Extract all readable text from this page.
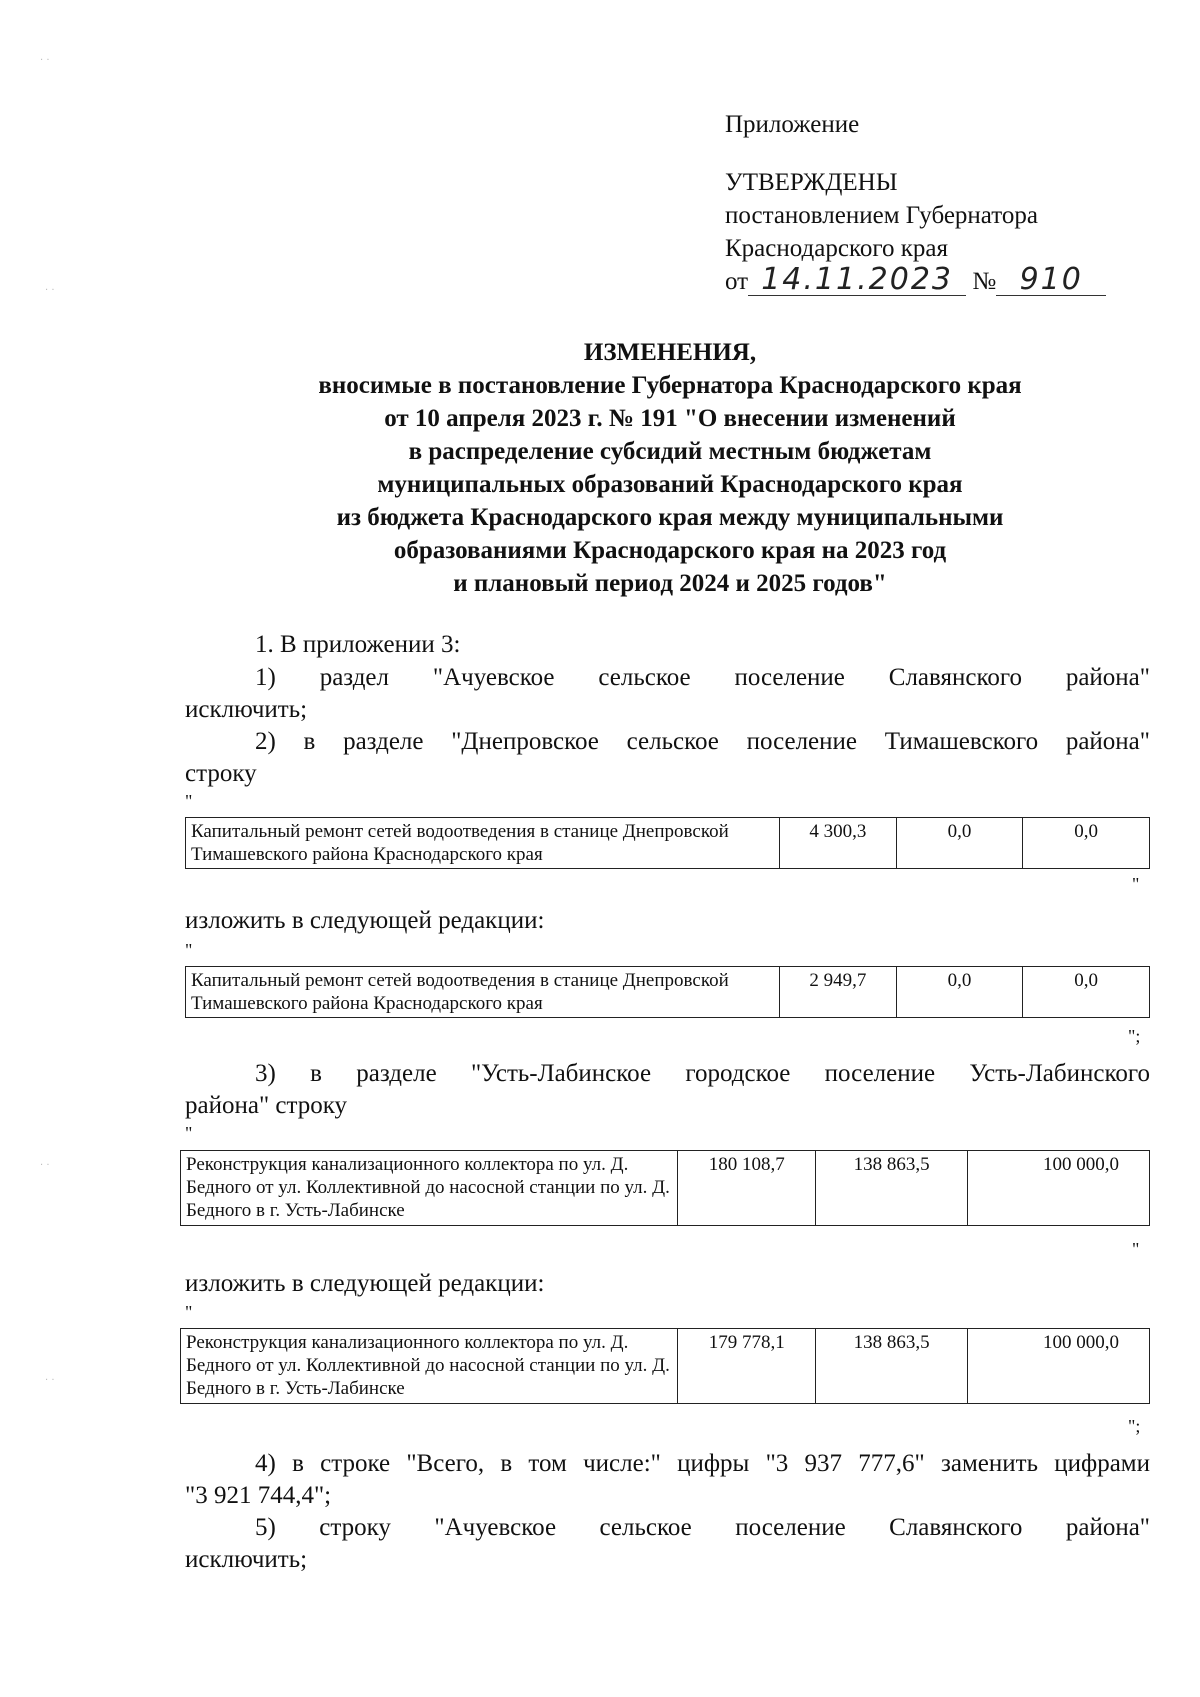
Приложение
УТВЕРЖДЕНЫ
постановлением Губернатора
Краснодарского края
от 14.11.2023 № 910
ИЗМЕНЕНИЯ,
вносимые в постановление Губернатора Краснодарского края
от 10 апреля 2023 г. № 191 "О внесении изменений
в распределение субсидий местным бюджетам
муниципальных образований Краснодарского края
из бюджета Краснодарского края между муниципальными
образованиями Краснодарского края на 2023 год
и плановый период 2024 и 2025 годов"
1. В приложении 3:
1) раздел "Ачуевское сельское поселение Славянского района"
исключить;
2) в разделе "Днепровское сельское поселение Тимашевского района"
строку
"
Капитальный ремонт сетей водоотведения в станице Днепровской Тимашевского района Краснодарского края	4 300,3	0,0	0,0
"
изложить в следующей редакции:
"
Капитальный ремонт сетей водоотведения в станице Днепровской Тимашевского района Краснодарского края	2 949,7	0,0	0,0
";
3) в разделе "Усть-Лабинское городское поселение Усть-Лабинского
района" строку
"
Реконструкция канализационного коллектора по ул. Д. Бедного от ул. Коллективной до насосной станции по ул. Д. Бедного в г. Усть-Лабинске	180 108,7	138 863,5	100 000,0
"
изложить в следующей редакции:
"
Реконструкция канализационного коллектора по ул. Д. Бедного от ул. Коллективной до насосной станции по ул. Д. Бедного в г. Усть-Лабинске	179 778,1	138 863,5	100 000,0
";
4) в строке "Всего, в том числе:" цифры "3 937 777,6" заменить цифрами
"3 921 744,4";
5) строку "Ачуевское сельское поселение Славянского района"
исключить;
· ·
· ·
· ·
· ·
